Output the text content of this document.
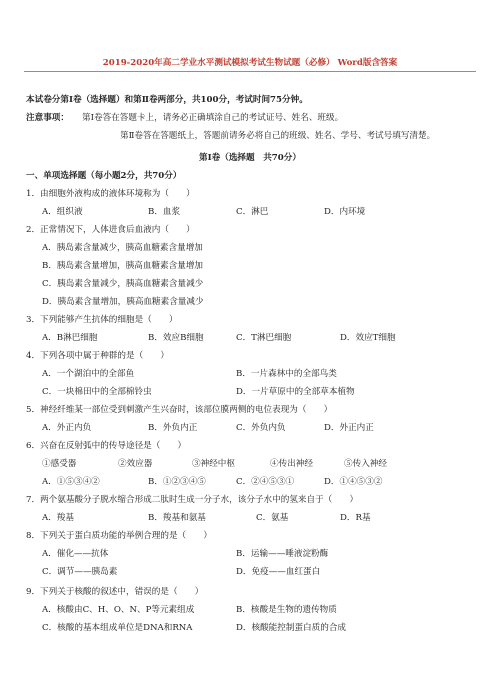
2019-2020年高二学业水平测试模拟考试生物试题（必修） Word版含答案
本试卷分第Ⅰ卷（选择题）和第Ⅱ卷两部分，共100分，考试时间75分钟。
注意事项： 第Ⅰ卷答在答题卡上，请务必正确填涂自己的考试证号、姓名、班级。
第Ⅱ卷答在答题纸上，答题前请务必将自己的班级、姓名、学号、考试号填写清楚。
第Ⅰ卷（选择题　共70分）
一、单项选择题（每小题2分，共70分）
1．由细胞外液构成的液体环境称为（　　）
A．组织液	B．血浆	C．淋巴	D．内环境
2．正常情况下，人体进食后血液内（　　）
A．胰岛素含量减少，胰高血糖素含量增加
B．胰岛素含量增加，胰高血糖素含量增加
C．胰岛素含量减少，胰高血糖素含量减少
D．胰岛素含量增加，胰高血糖素含量减少
3．下列能够产生抗体的细胞是（　　）
A．B淋巴细胞	B．效应B细胞	C．T淋巴细胞	D．效应T细胞
4．下列各项中属于种群的是（　　）
A．一个湖泊中的全部鱼	B．一片森林中的全部鸟类
C．一块棉田中的全部棉铃虫	D．一片草原中的全部草本植物
5．神经纤维某一部位受到刺激产生兴奋时，该部位膜两侧的电位表现为（　　）
A．外正内负	B．外负内正	C．外负内负	D．外正内正
6．兴奋在反射弧中的传导途径是（　　）
①感受器	②效应器	③神经中枢	④传出神经	⑤传入神经
A．①⑤③④②	B．①②③④⑤	C．②④⑤③①	D．①④⑤③②
7．两个氨基酸分子脱水缩合形成二肽时生成一分子水，该分子水中的氢来自于（　　）
A．羧基	B．羧基和氨基	C．氨基	D．R基
8．下列关于蛋白质功能的举例合理的是（　　）
A．催化——抗体	B．运输——唾液淀粉酶
C．调节——胰岛素	D．免疫——血红蛋白
9．下列关于核酸的叙述中，错误的是（　　）
A．核酸由C、H、O、N、P等元素组成	B．核酸是生物的遗传物质
C．核酸的基本组成单位是DNA和RNA	D．核酸能控制蛋白质的合成
